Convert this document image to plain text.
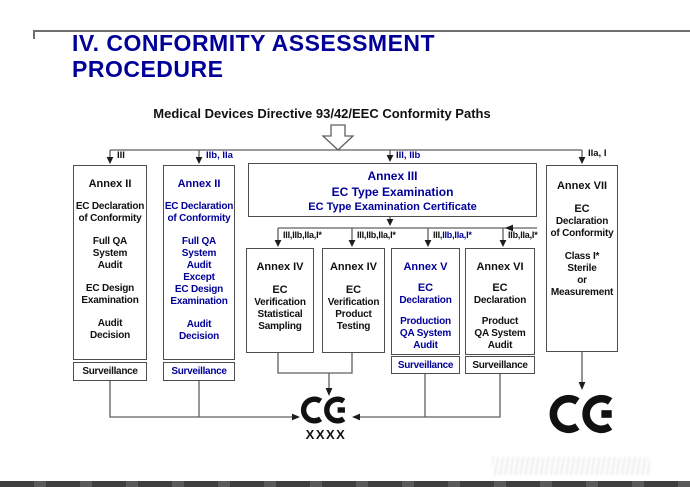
IV. CONFORMITY ASSESSMENT
PROCEDURE
Medical Devices Directive 93/42/EEC Conformity Paths
III	IIb, IIa	III, IIb	IIa, I
III,IIb,IIa,I*	III,IIb,IIa,I*	III,IIb,IIa,I*	IIb,IIa,I*
Annex II
EC Declaration
of Conformity
Full QA
System
Audit
EC Design
Examination
Audit
Decision
Surveillance
Annex II
EC Declaration
of Conformity
Full QA
System
Audit
Except
EC Design
Examination
Audit
Decision
Surveillance
Annex III
EC Type Examination
EC Type Examination Certificate
Annex IV
EC
Verification
Statistical
Sampling
Annex IV
EC
Verification
Product
Testing
Annex V
EC
Declaration
Production
QA System
Audit
Surveillance
Annex VI
EC
Declaration
Product
QA System
Audit
Surveillance
Annex VII
EC
Declaration
of Conformity
Class I*
Sterile
or
Measurement
XXXX
